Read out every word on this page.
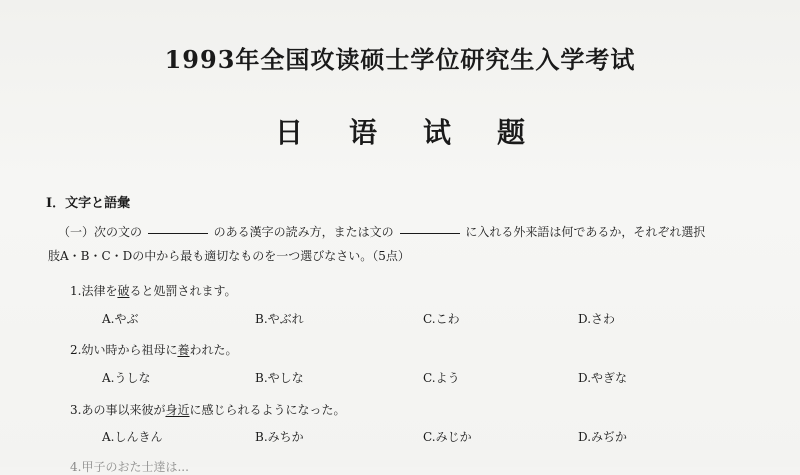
1993年全国攻读硕士学位研究生入学考试
日语试题
I．文字と語彙
（一）次の文の	のある漢字の読み方，または文の	に入れる外来語は何であるか，それぞれ選択
肢A・B・C・Dの中から最も適切なものを一つ選びなさい。（5点）
1.法律を破ると処罰されます。
A.やぶ	B.やぶれ	C.こわ	D.さわ
2.幼い時から祖母に養われた。
A.うしな	B.やしな	C.よう	D.やぎな
3.あの事以来彼が身近に感じられるようになった。
A.しんきん	B.みちか	C.みじか	D.みぢか
4.甲子のおた士達は...
